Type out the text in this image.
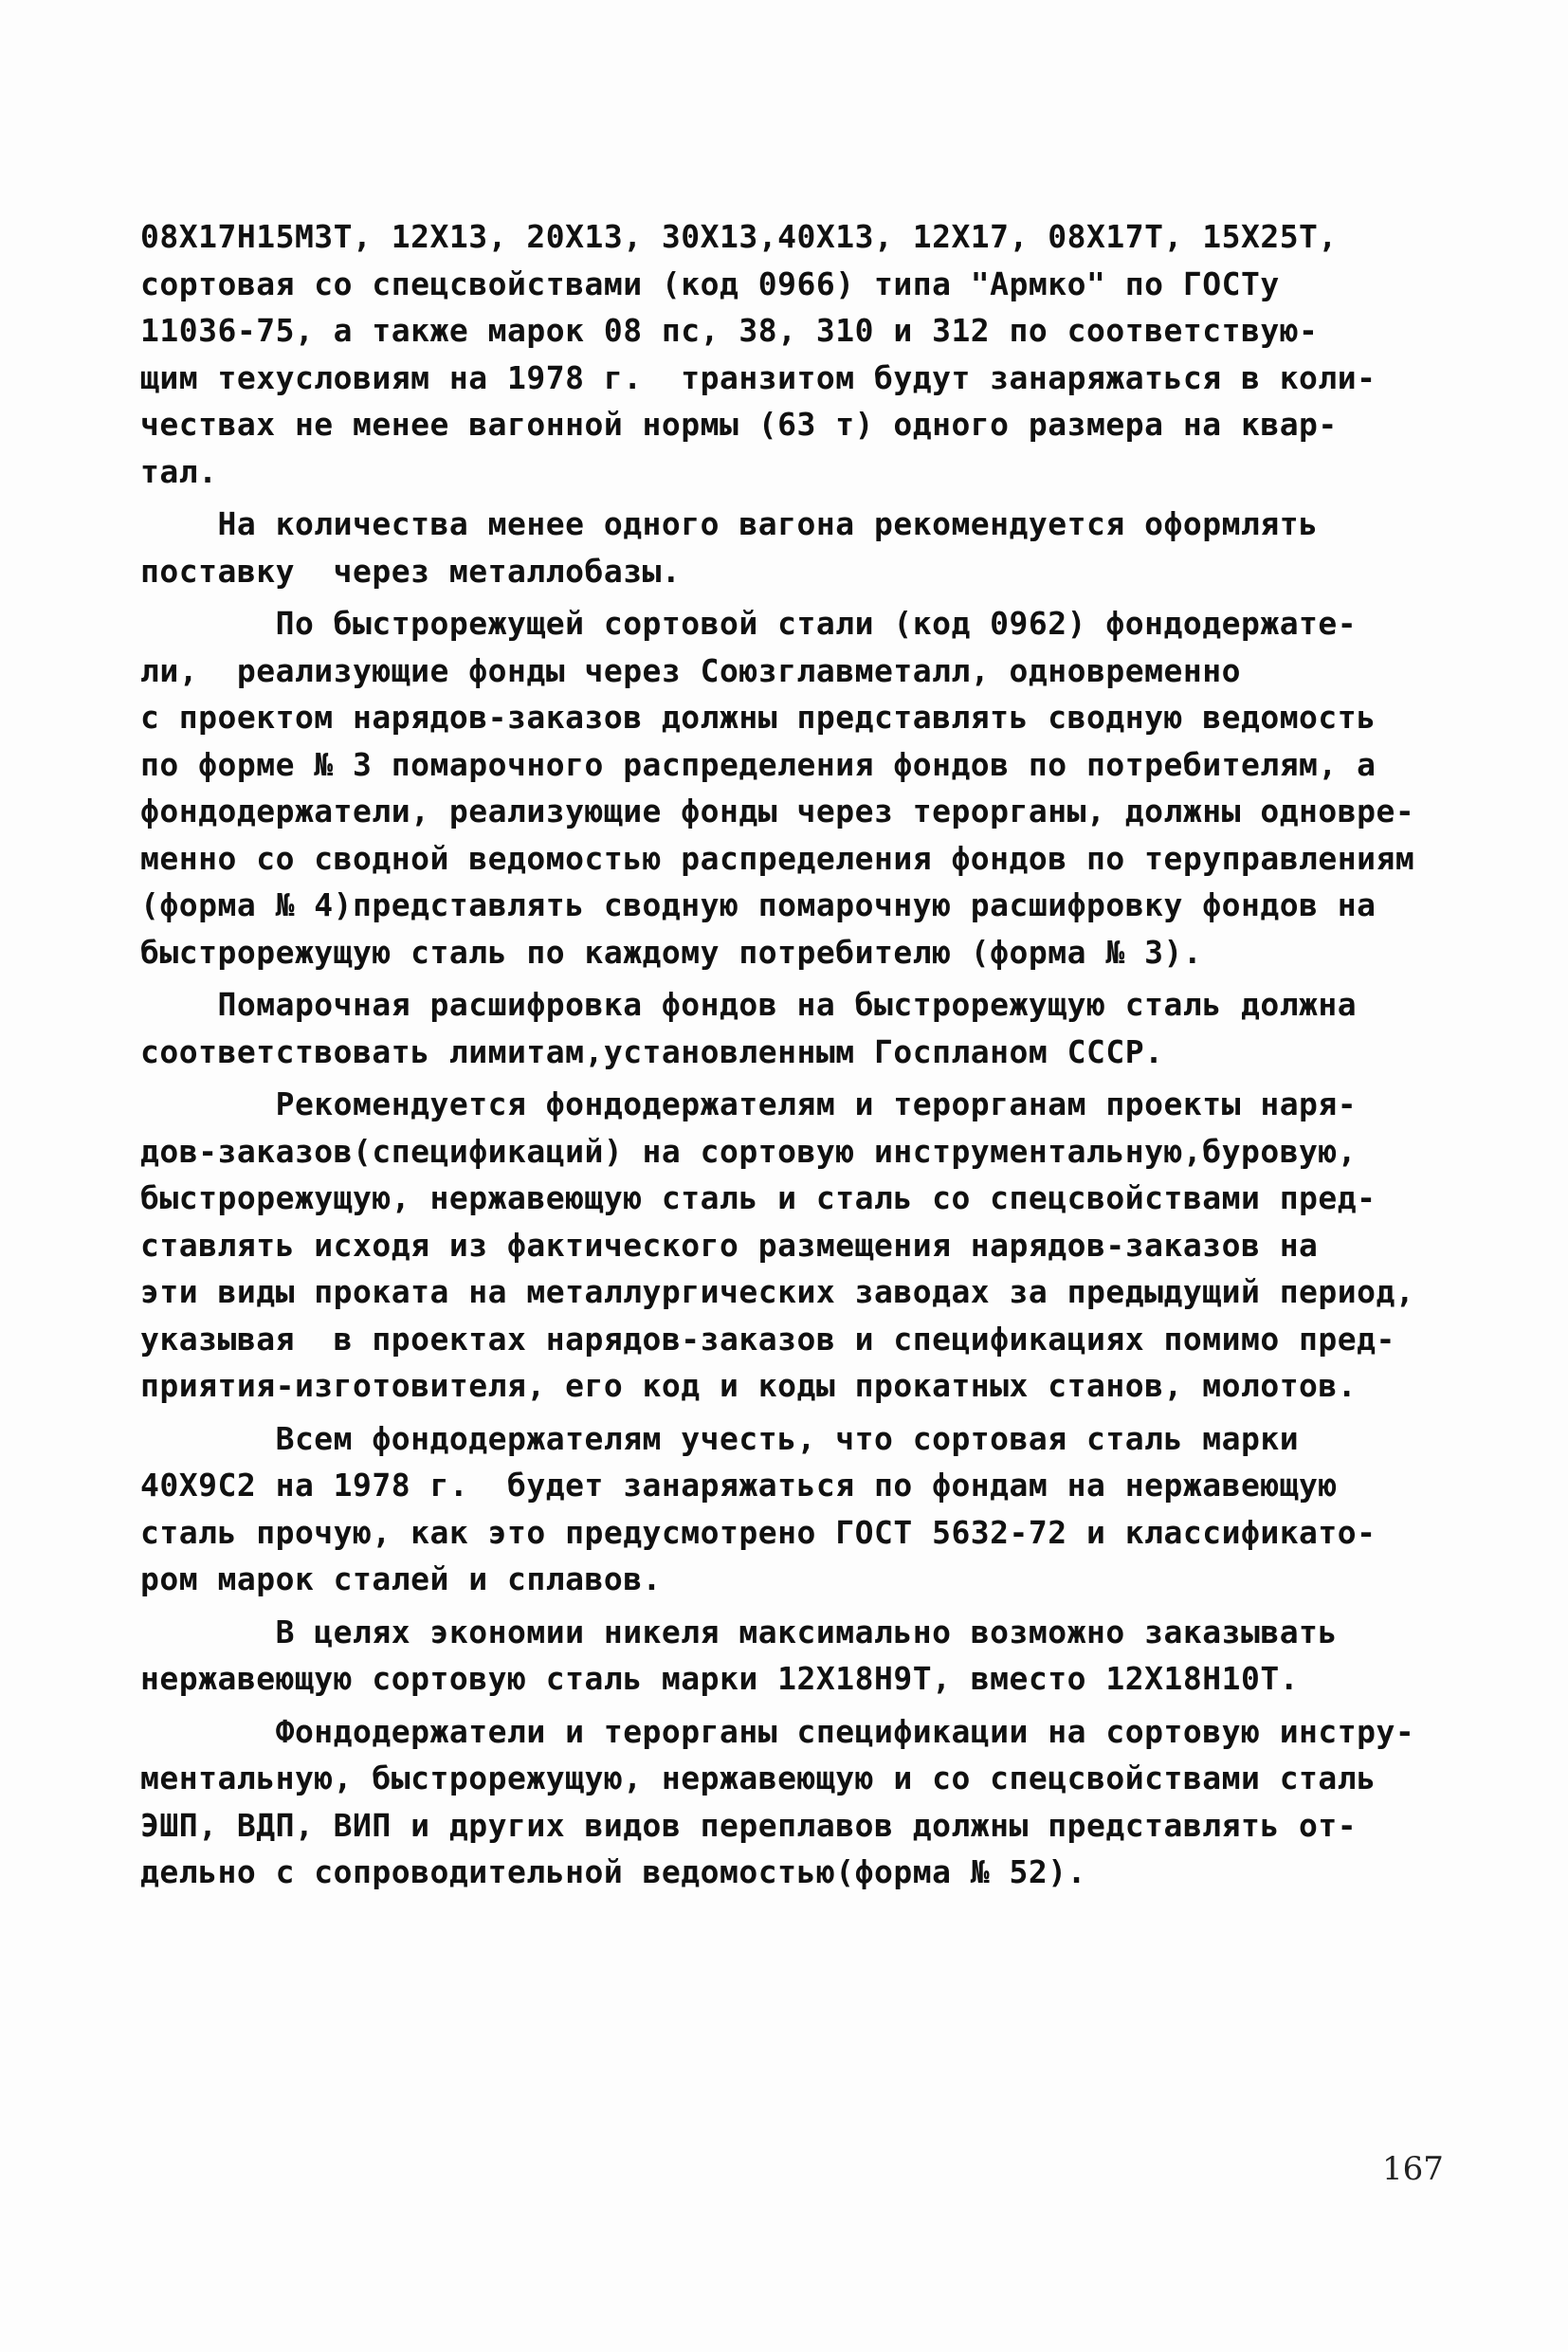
08X17H15M3T, 12X13, 20X13, 30X13,40X13, 12X17, 08X17T, 15X25T,
сортовая со спецсвойствами (код 0966) типа "Армко" по ГОСТу
11036-75, а также марок 08 пс, 38, 310 и 312 по соответствую-
щим техусловиям на 1978 г.  транзитом будут занаряжаться в коли-
чествах не менее вагонной нормы (63 т) одного размера на квар-
тал.
На количества менее одного вагона рекомендуется оформлять
поставку  через металлобазы.
По быстрорежущей сортовой стали (код 0962) фондодержате-
ли,  реализующие фонды через Союзглавметалл, одновременно
с проектом нарядов-заказов должны представлять сводную ведомость
по форме № 3 помарочного распределения фондов по потребителям, а
фондодержатели, реализующие фонды через терорганы, должны одновре-
менно со сводной ведомостью распределения фондов по теруправлениям
(форма № 4)представлять сводную помарочную расшифровку фондов на
быстрорежущую сталь по каждому потребителю (форма № 3).
Помарочная расшифровка фондов на быстрорежущую сталь должна
соответствовать лимитам,установленным Госпланом СССР.
Рекомендуется фондодержателям и терорганам проекты наря-
дов-заказов(спецификаций) на сортовую инструментальную,буровую,
быстрорежущую, нержавеющую сталь и сталь со спецсвойствами пред-
ставлять исходя из фактического размещения нарядов-заказов на
эти виды проката на металлургических заводах за предыдущий период,
указывая  в проектах нарядов-заказов и спецификациях помимо пред-
приятия-изготовителя, его код и коды прокатных станов, молотов.
Всем фондодержателям учесть, что сортовая сталь марки
40Х9С2 на 1978 г.  будет занаряжаться по фондам на нержавеющую
сталь прочую, как это предусмотрено ГОСТ 5632-72 и классификато-
ром марок сталей и сплавов.
В целях экономии никеля максимально возможно заказывать
нержавеющую сортовую сталь марки 12Х18Н9Т, вместо 12Х18Н10Т.
Фондодержатели и терорганы спецификации на сортовую инстру-
ментальную, быстрорежущую, нержавеющую и со спецсвойствами сталь
ЭШП, ВДП, ВИП и других видов переплавов должны представлять от-
дельно с сопроводительной ведомостью(форма № 52).
167
